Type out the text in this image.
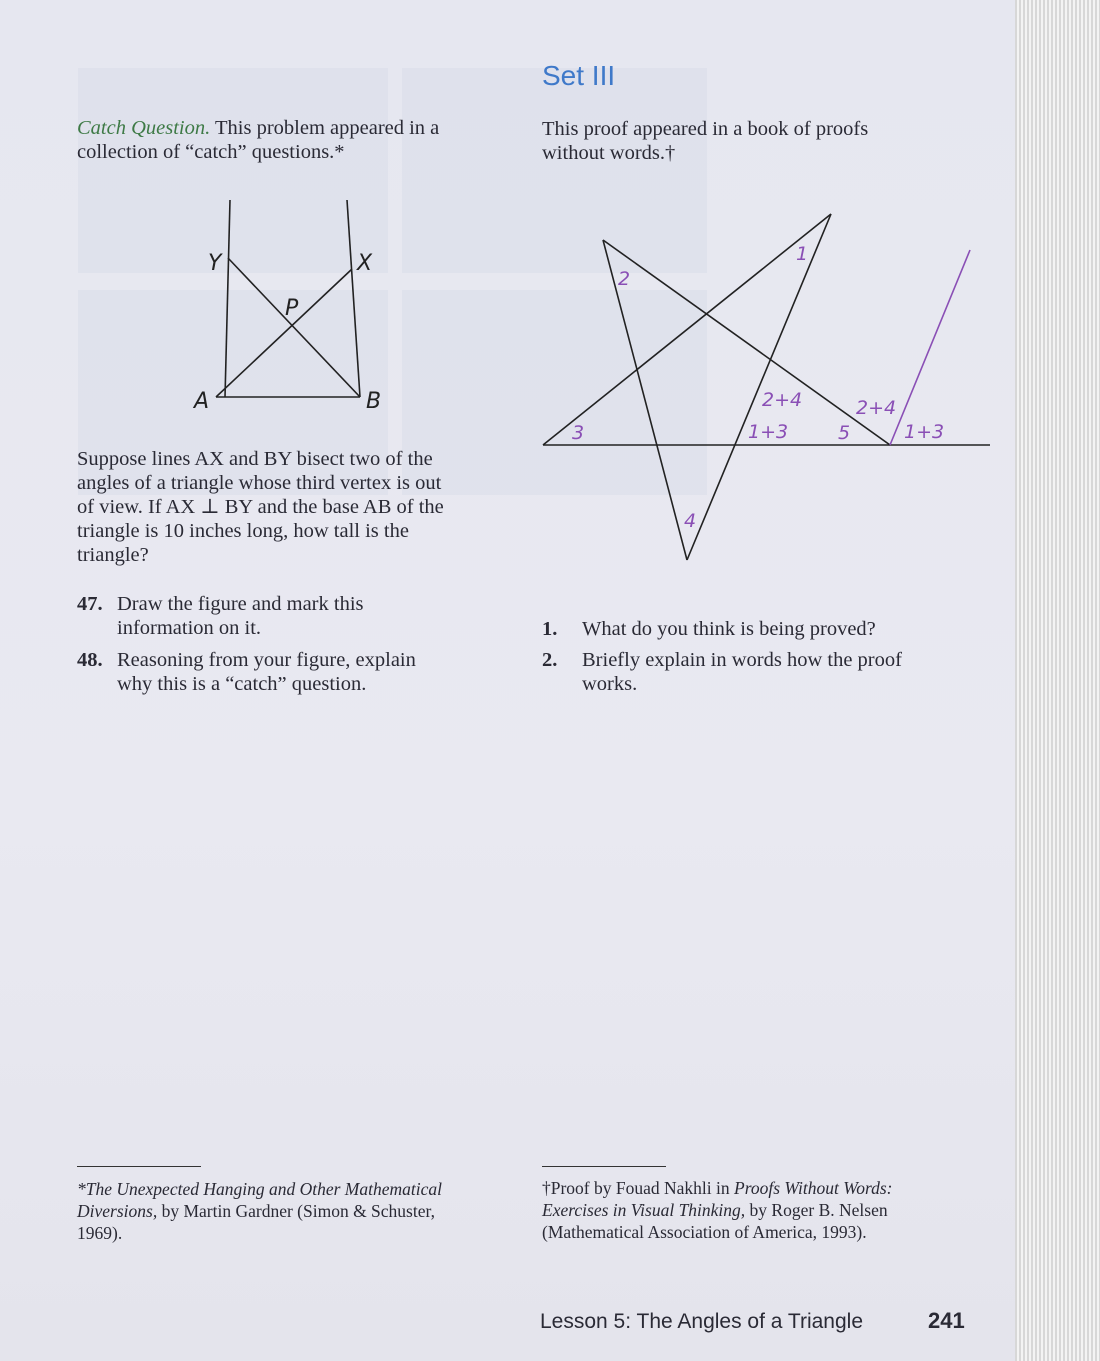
Set III
Catch Question. This problem appeared in a
collection of “catch” questions.*
Y	X
P
A	B
Suppose lines AX and BY bisect two of the
angles of a triangle whose third vertex is out
of view. If AX ⊥ BY and the base AB of the
triangle is 10 inches long, how tall is the
triangle?
47. Draw the figure and mark this
information on it.
48. Reasoning from your figure, explain
why this is a “catch” question.
*The Unexpected Hanging and Other Mathematical
Diversions, by Martin Gardner (Simon & Schuster,
1969).
This proof appeared in a book of proofs
without words.†
1
2
3
4
5
2+4
1+3
2+4
1+3
1.	What do you think is being proved?
2.	Briefly explain in words how the proof
works.
†Proof by Fouad Nakhli in Proofs Without Words:
Exercises in Visual Thinking, by Roger B. Nelsen
(Mathematical Association of America, 1993).
Lesson 5: The Angles of a Triangle	241
